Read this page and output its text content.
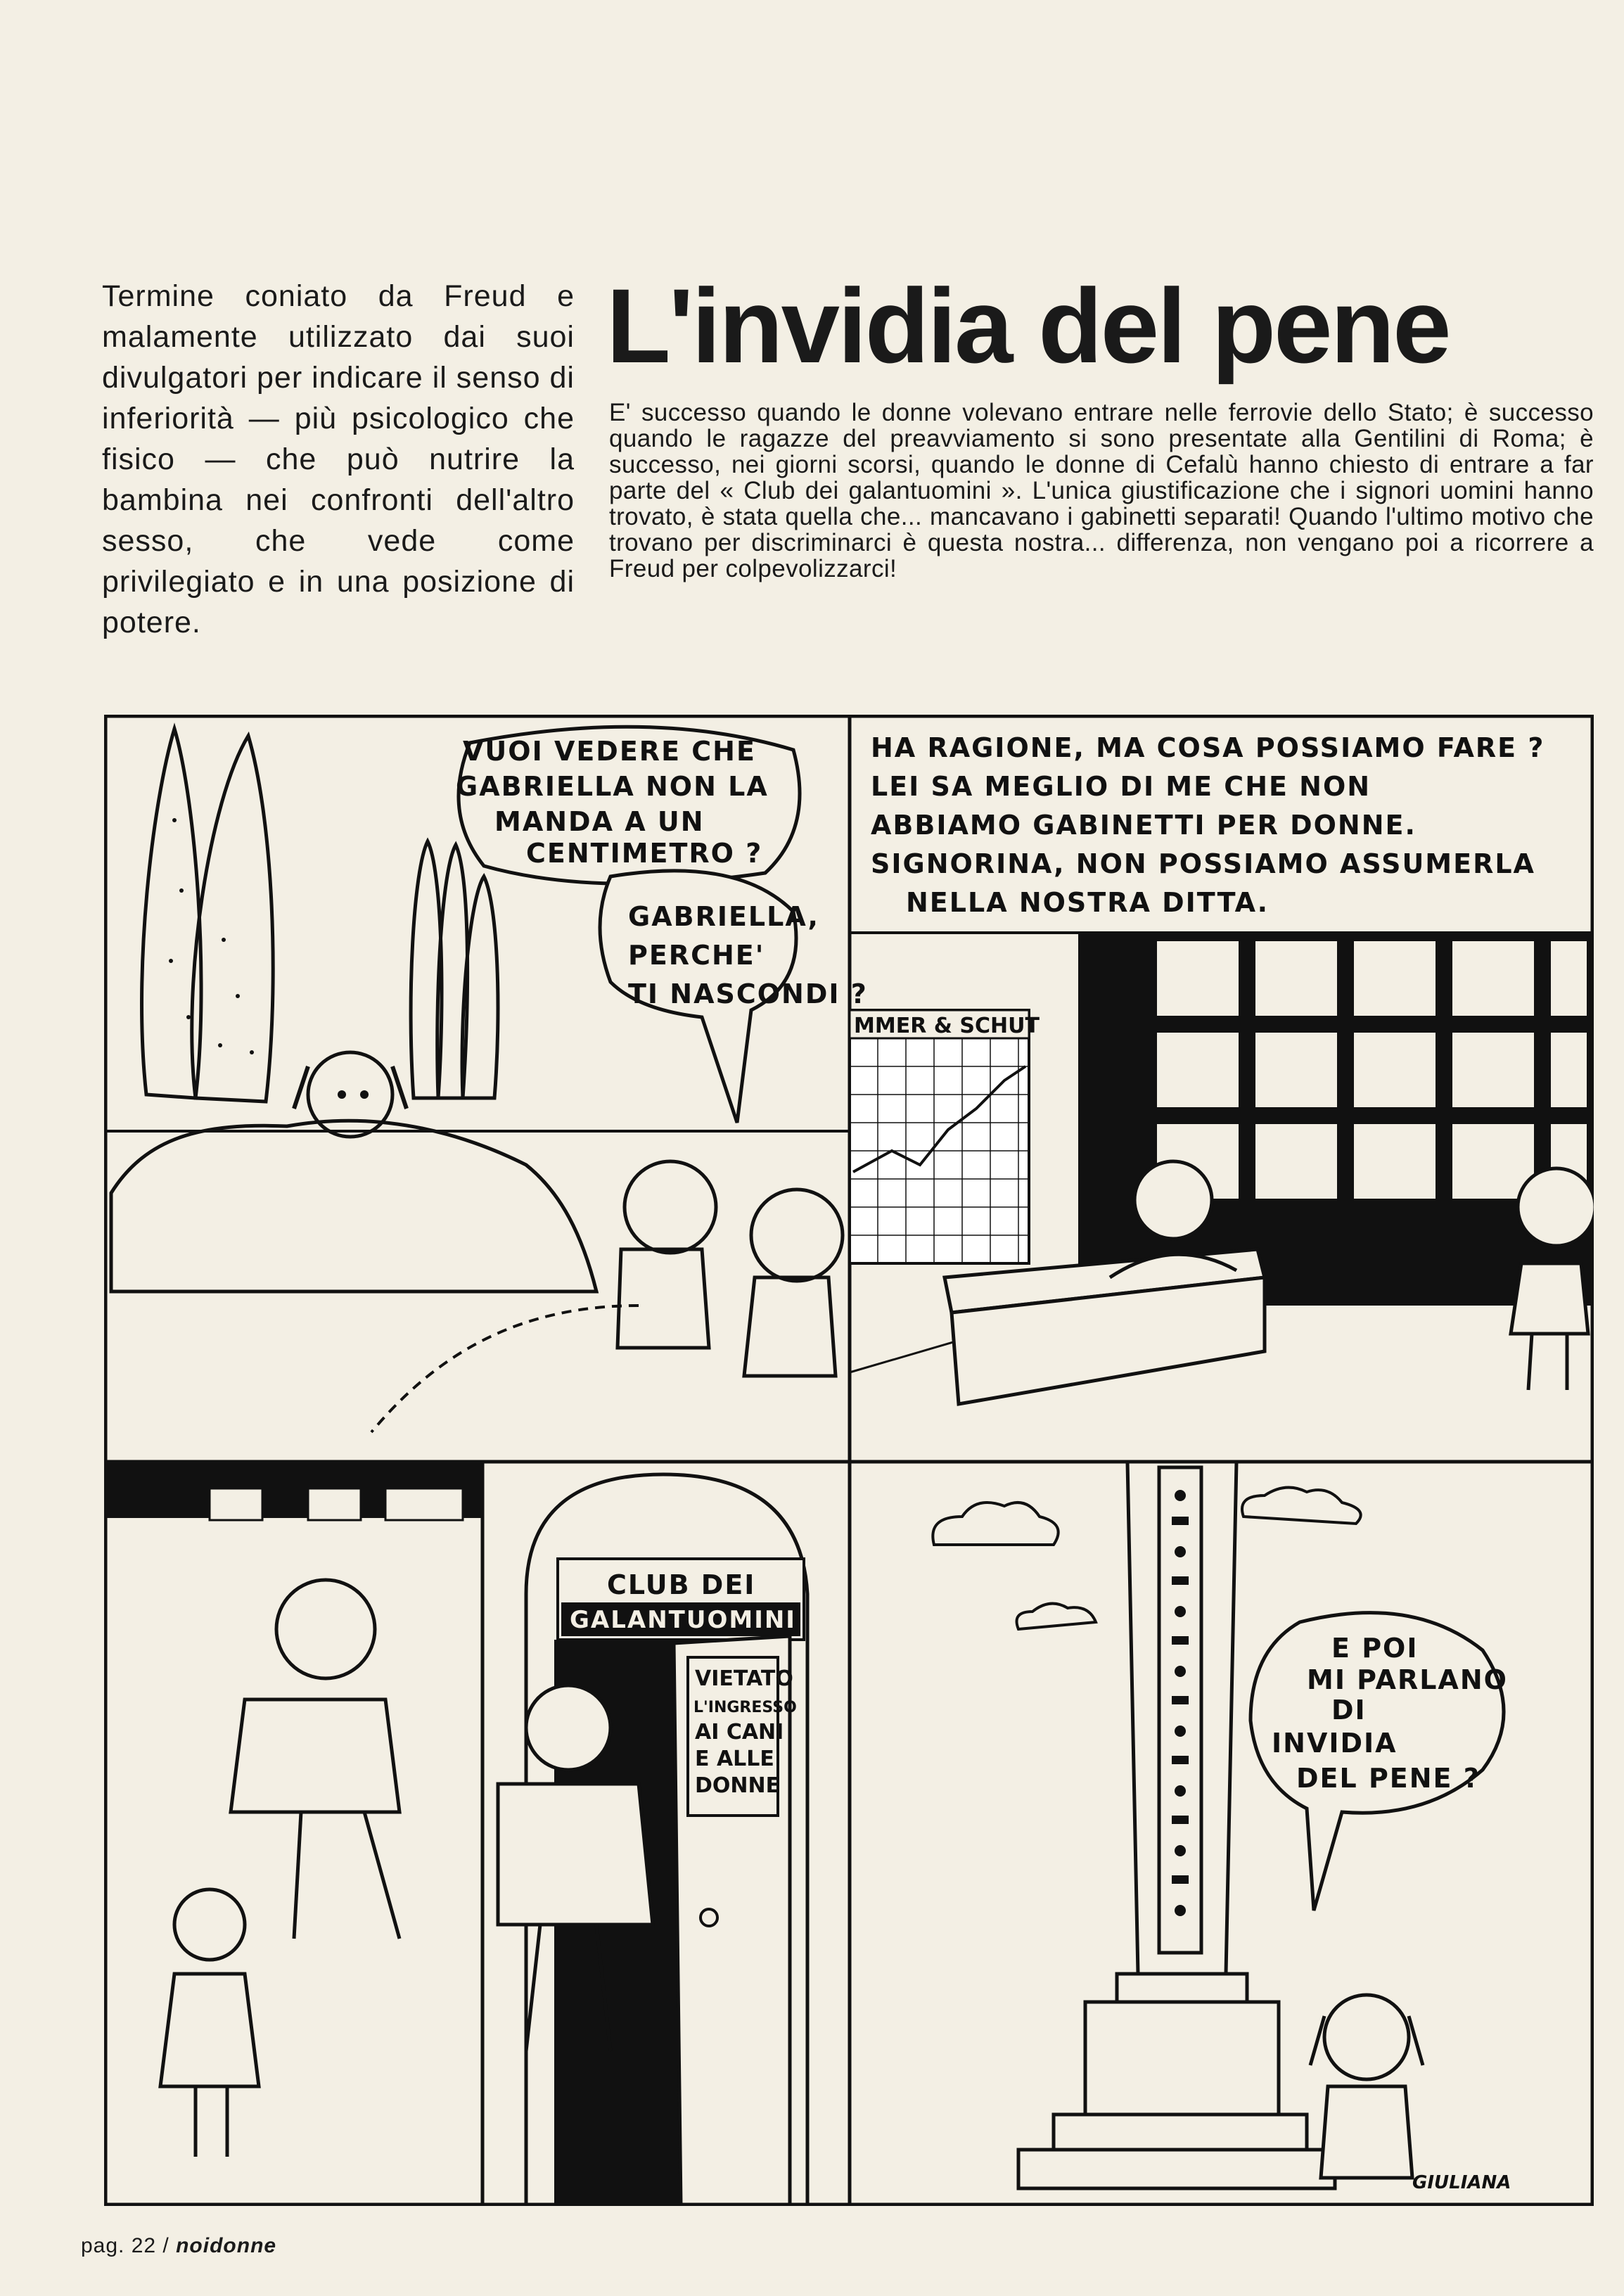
Termine coniato da Freud e malamente utilizzato dai suoi divulgatori per indicare il senso di inferiorità — più psicologico che fisico — che può nutrire la bambina nei confronti dell'altro sesso, che vede come privilegiato e in una posizione di potere.
L'invidia del pene
E' successo quando le donne volevano entrare nelle ferrovie dello Stato; è successo quando le ragazze del preavviamento si sono presentate alla Gentilini di Roma; è successo, nei giorni scorsi, quando le donne di Cefalù hanno chiesto di entrare a far parte del « Club dei galantuomini ». L'unica giustificazione che i signori uomini hanno trovato, è stata quella che... mancavano i gabinetti separati! Quando l'ultimo motivo che trovano per discriminarci è questa nostra... differenza, non vengano poi a ricorrere a Freud per colpevolizzarci!
VUOI VEDERE CHE
GABRIELLA NON LA
MANDA A UN
CENTIMETRO ?
GABRIELLA,
PERCHE'
TI NASCONDI ?
HA RAGIONE, MA COSA POSSIAMO FARE ?
LEI SA MEGLIO DI ME CHE NON
ABBIAMO GABINETTI PER DONNE.
SIGNORINA, NON POSSIAMO ASSUMERLA
NELLA NOSTRA DITTA.
MMER & SCHUT
CLUB DEI
GALANTUOMINI
VIETATO
L'INGRESSO
AI CANI
E ALLE
DONNE
E POI
MI PARLANO
DI
INVIDIA
DEL PENE ?
GIULIANA
pag. 22 / noidonne
